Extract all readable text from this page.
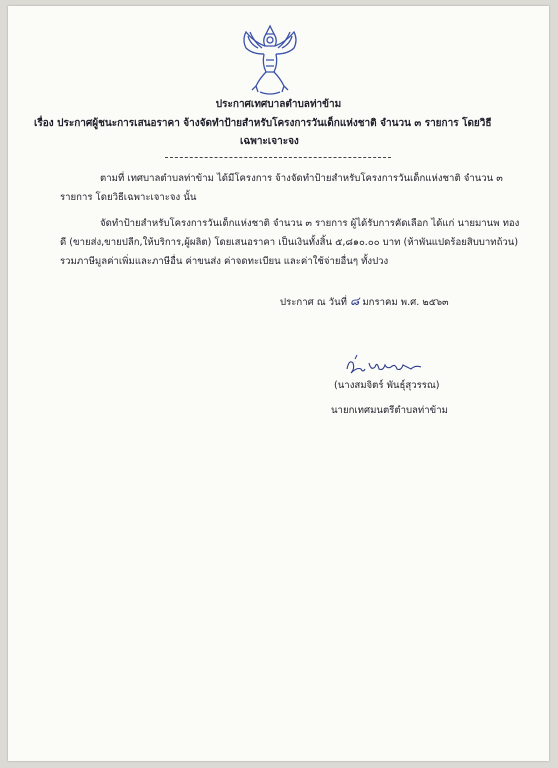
ประกาศเทศบาลตำบลท่าข้าม
เรื่อง ประกาศผู้ชนะการเสนอราคา จ้างจัดทำป้ายสำหรับโครงการวันเด็กแห่งชาติ จำนวน ๓ รายการ โดยวิธี
เฉพาะเจาะจง
ตามที่ เทศบาลตำบลท่าข้าม ได้มีโครงการ จ้างจัดทำป้ายสำหรับโครงการวันเด็กแห่งชาติ จำนวน ๓
รายการ โดยวิธีเฉพาะเจาะจง นั้น
จัดทำป้ายสำหรับโครงการวันเด็กแห่งชาติ จำนวน ๓ รายการ ผู้ได้รับการคัดเลือก ได้แก่ นายมานพ ทอง
ดี (ขายส่ง,ขายปลีก,ให้บริการ,ผู้ผลิต) โดยเสนอราคา เป็นเงินทั้งสิ้น ๕,๘๑๐.๐๐ บาท (ห้าพันแปดร้อยสิบบาทถ้วน)
รวมภาษีมูลค่าเพิ่มและภาษีอื่น ค่าขนส่ง ค่าจดทะเบียน และค่าใช้จ่ายอื่นๆ ทั้งปวง
ประกาศ ณ วันที่ ๘ มกราคม พ.ศ. ๒๕๖๓
(นางสมจิตร์ พันธุ์สุวรรณ)
นายกเทศมนตรีตำบลท่าข้าม
